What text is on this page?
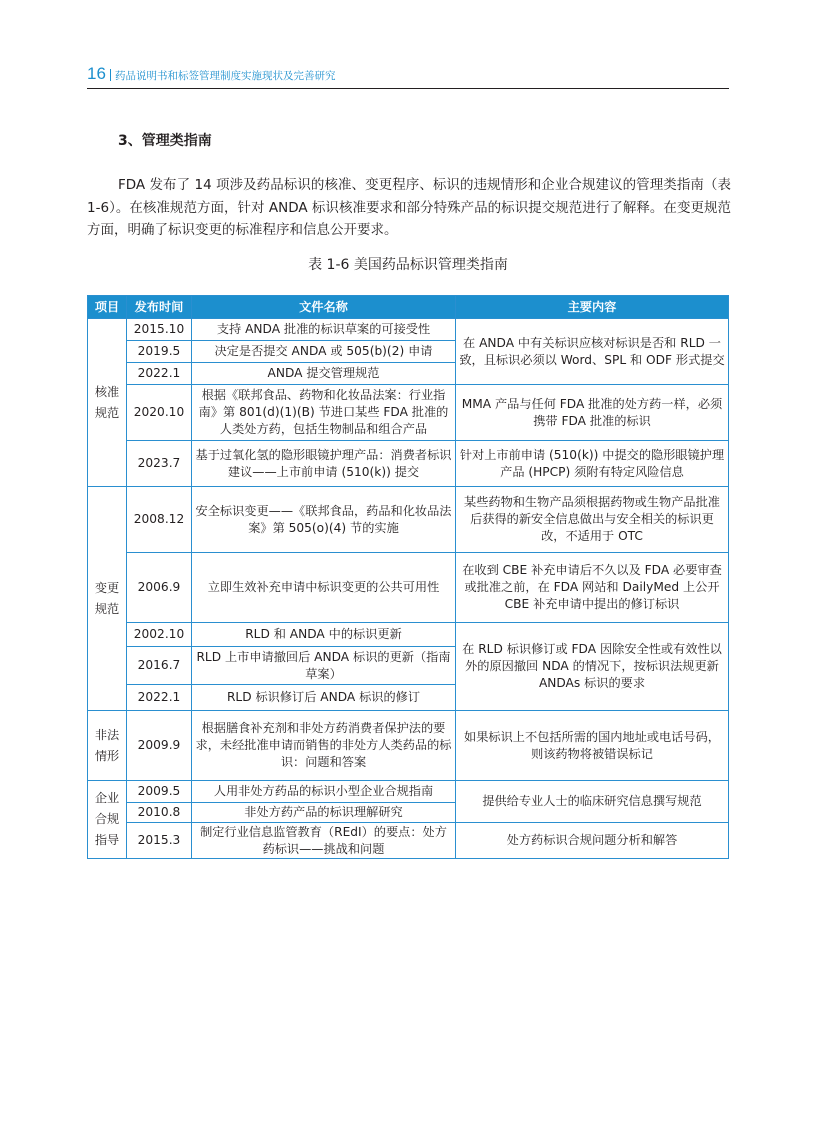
16 药品说明书和标签管理制度实施现状及完善研究
3、管理类指南
FDA 发布了 14 项涉及药品标识的核准、变更程序、标识的违规情形和企业合规建议的管理类指南（表 1-6）。在核准规范方面，针对 ANDA 标识核准要求和部分特殊产品的标识提交规范进行了解释。在变更规范方面，明确了标识变更的标准程序和信息公开要求。
表 1-6 美国药品标识管理类指南
项目	发布时间	文件名称	主要内容
核准规范	2015.10	支持 ANDA 批准的标识草案的可接受性	在 ANDA 中有关标识应核对标识是否和 RLD 一致，且标识必须以 Word、SPL 和 ODF 形式提交
	2019.5	决定是否提交 ANDA 或 505(b)(2) 申请	
	2022.1	ANDA 提交管理规范	
	2020.10	根据《联邦食品、药物和化妆品法案：行业指南》第 801(d)(1)(B) 节进口某些 FDA 批准的人类处方药，包括生物制品和组合产品	MMA 产品与任何 FDA 批准的处方药一样，必须携带 FDA 批准的标识
	2023.7	基于过氧化氢的隐形眼镜护理产品：消费者标识建议——上市前申请 (510(k)) 提交	针对上市前申请 (510(k)) 中提交的隐形眼镜护理产品 (HPCP) 须附有特定风险信息
变更规范	2008.12	安全标识变更——《联邦食品，药品和化妆品法案》第 505(o)(4) 节的实施	某些药物和生物产品须根据药物或生物产品批准后获得的新安全信息做出与安全相关的标识更改，不适用于 OTC
	2006.9	立即生效补充申请中标识变更的公共可用性	在收到 CBE 补充申请后不久以及 FDA 必要审查或批准之前，在 FDA 网站和 DailyMed 上公开 CBE 补充申请中提出的修订标识
	2002.10	RLD 和 ANDA 中的标识更新	在 RLD 标识修订或 FDA 因除安全性或有效性以外的原因撤回 NDA 的情况下，按标识法规更新 ANDAs 标识的要求
	2016.7	RLD 上市申请撤回后 ANDA 标识的更新（指南草案）	
	2022.1	RLD 标识修订后 ANDA 标识的修订	
非法情形	2009.9	根据膳食补充剂和非处方药消费者保护法的要求，未经批准申请而销售的非处方人类药品的标识：问题和答案	如果标识上不包括所需的国内地址或电话号码，则该药物将被错误标记
企业合规指导	2009.5	人用非处方药品的标识小型企业合规指南	提供给专业人士的临床研究信息撰写规范
	2010.8	非处方药产品的标识理解研究	
	2015.3	制定行业信息监管教育（REdI）的要点：处方药标识——挑战和问题	处方药标识合规问题分析和解答
